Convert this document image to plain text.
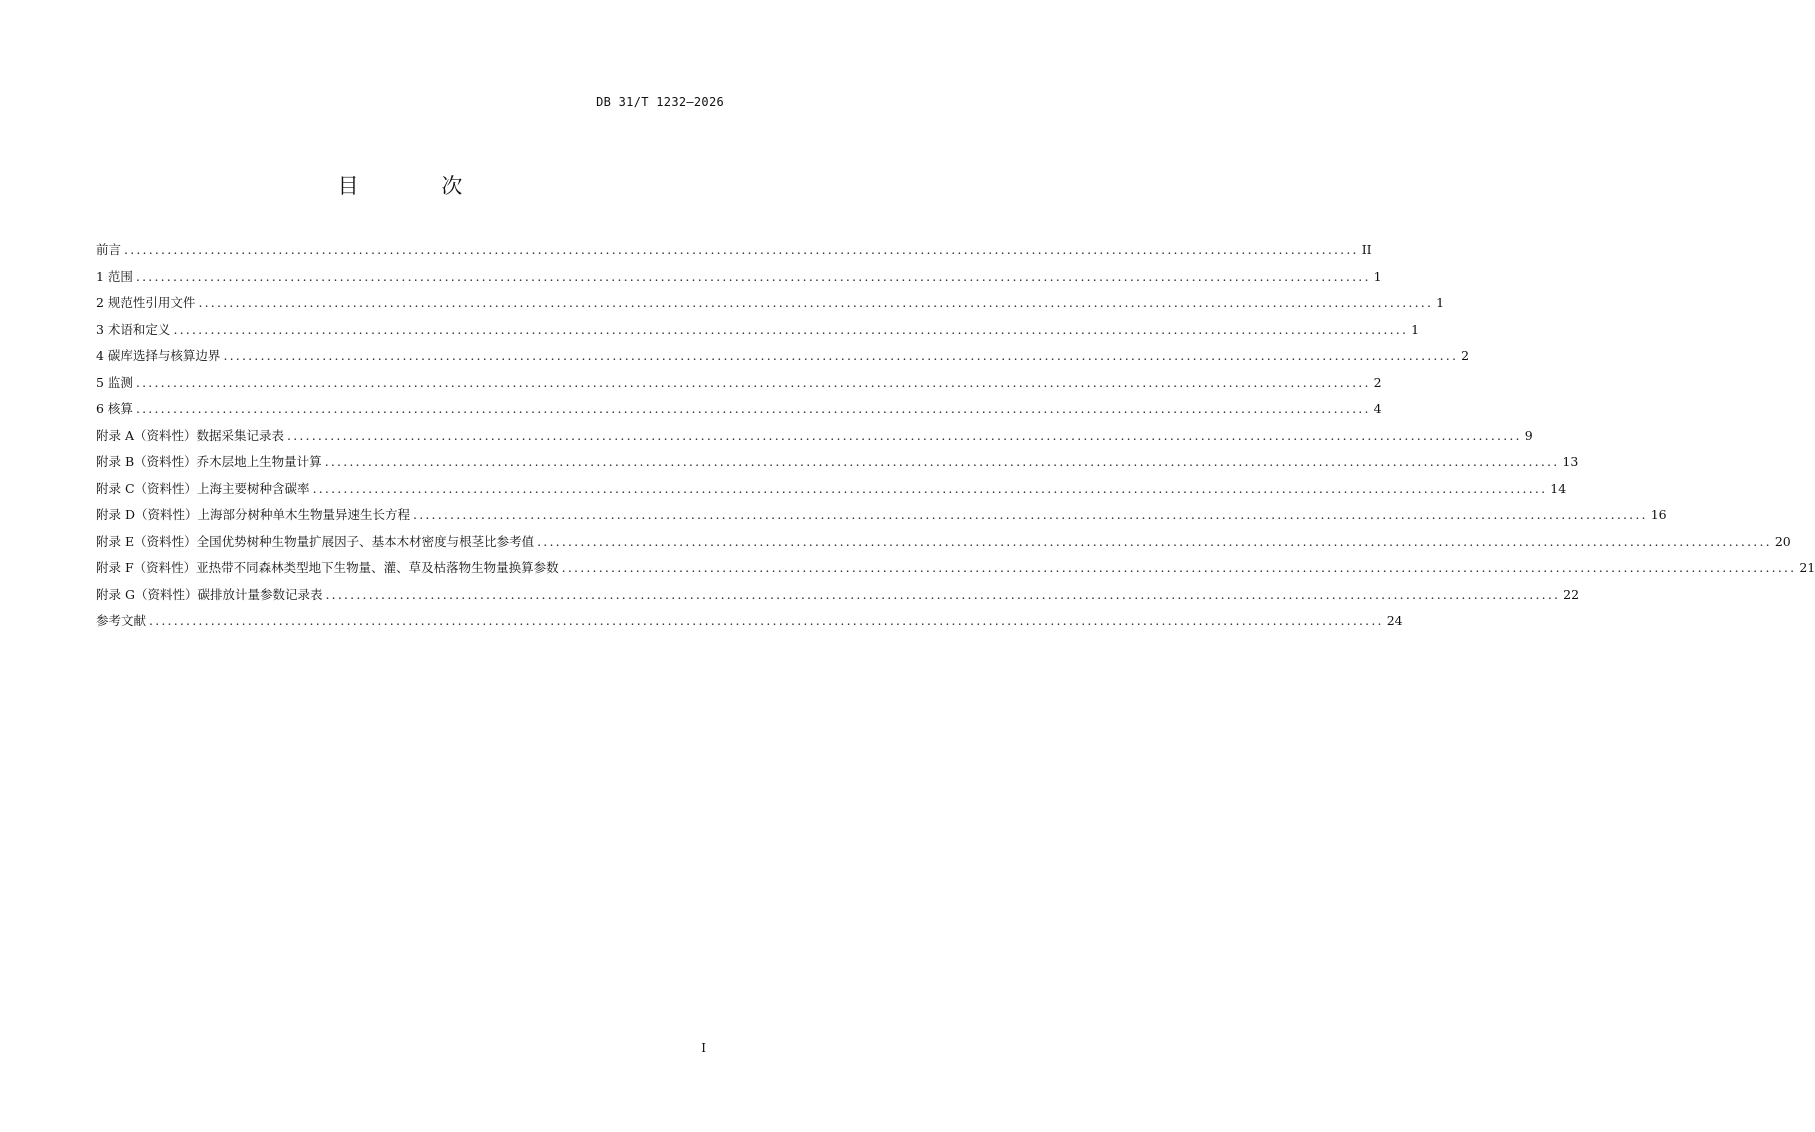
DB 31/T 1232—2026
目 次
前言 ........................................................................................................................................................................................................ II
1 范围 ........................................................................................................................................................................................................ 1
2 规范性引用文件 ........................................................................................................................................................................................................ 1
3 术语和定义 ........................................................................................................................................................................................................ 1
4 碳库选择与核算边界 ........................................................................................................................................................................................................ 2
5 监测 ........................................................................................................................................................................................................ 2
6 核算 ........................................................................................................................................................................................................ 4
附录 A（资料性） 数据采集记录表 ........................................................................................................................................................................................................ 9
附录 B（资料性） 乔木层地上生物量计算 ........................................................................................................................................................................................................ 13
附录 C（资料性） 上海主要树种含碳率 ........................................................................................................................................................................................................ 14
附录 D（资料性） 上海部分树种单木生物量异速生长方程 ........................................................................................................................................................................................................ 16
附录 E（资料性） 全国优势树种生物量扩展因子、基本木材密度与根茎比参考值 ........................................................................................................................................................................................................ 20
附录 F（资料性） 亚热带不同森林类型地下生物量、灌、草及枯落物生物量换算参数 ........................................................................................................................................................................................................ 21
附录 G（资料性） 碳排放计量参数记录表 ........................................................................................................................................................................................................ 22
参考文献 ........................................................................................................................................................................................................ 24
I
